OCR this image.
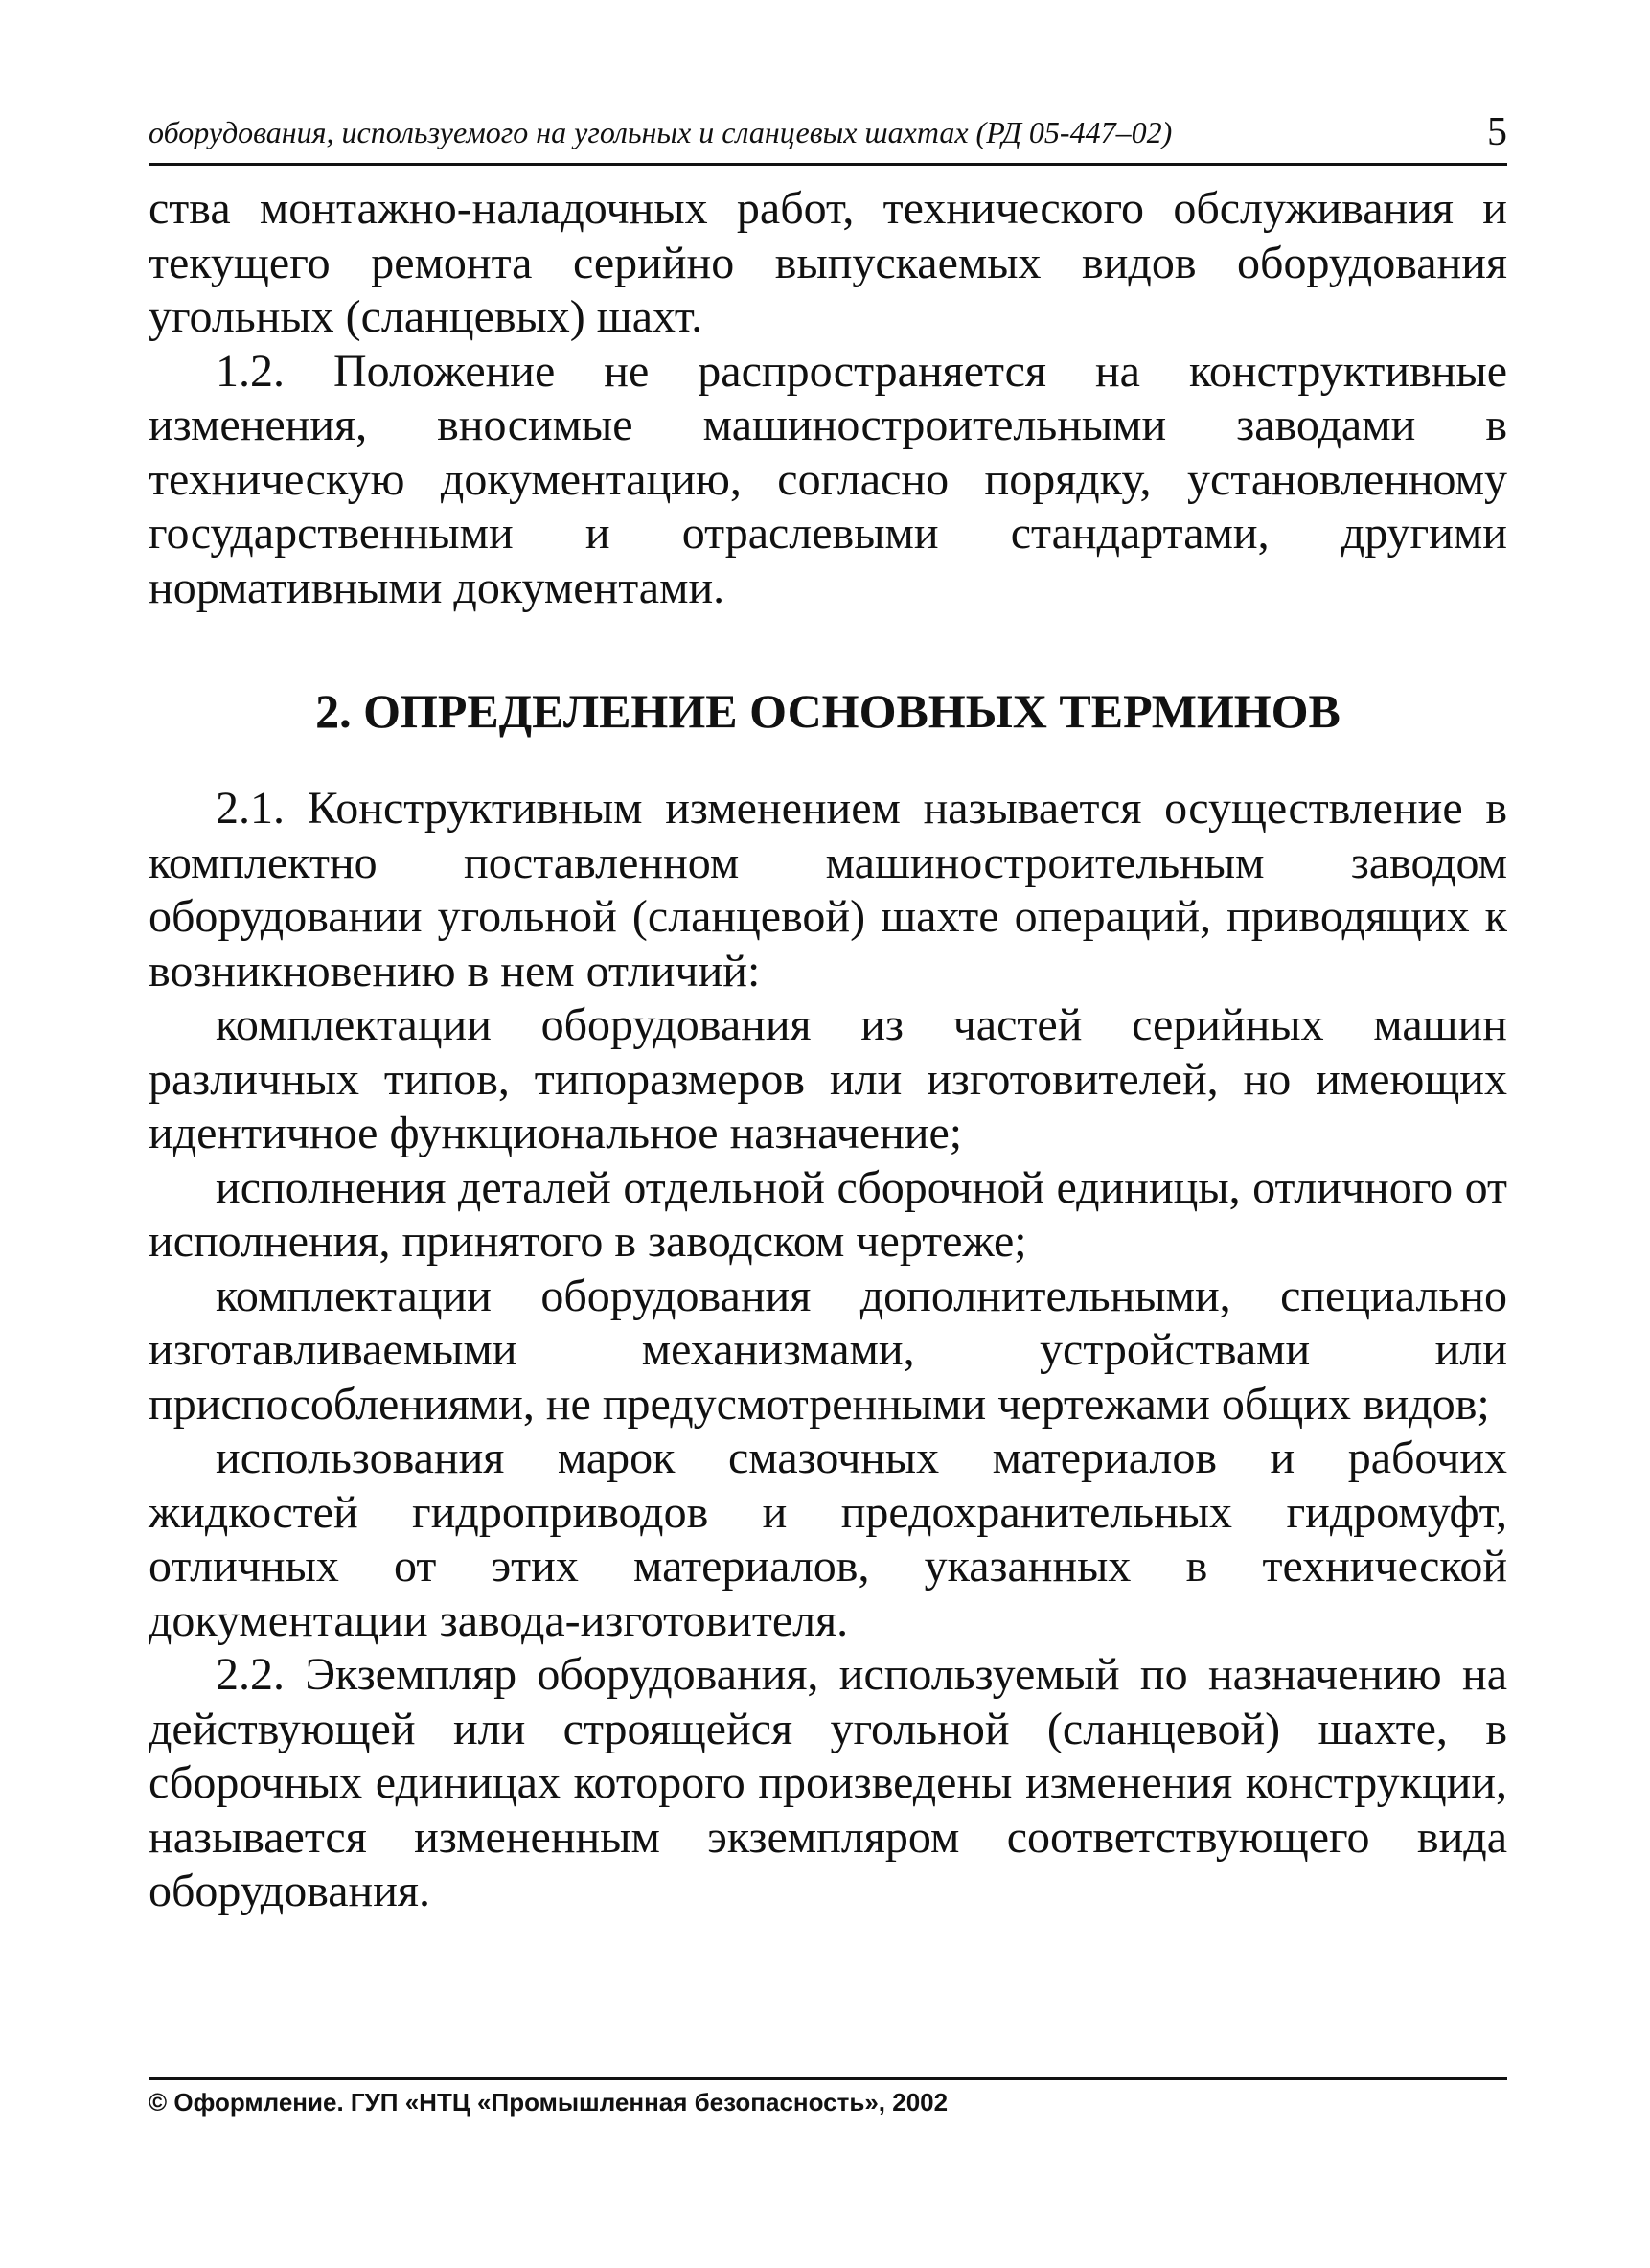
оборудования, используемого на угольных и сланцевых шахтах (РД 05-447–02)	5

ства монтажно-наладочных работ, технического обслуживания и текущего ремонта серийно выпускаемых видов оборудования угольных (сланцевых) шахт.

1.2. Положение не распространяется на конструктивные изменения, вносимые машиностроительными заводами в техническую документацию, согласно порядку, установленному государственными и отраслевыми стандартами, другими нормативными документами.

2. ОПРЕДЕЛЕНИЕ ОСНОВНЫХ ТЕРМИНОВ

2.1. Конструктивным изменением называется осуществление в комплектно поставленном машиностроительным заводом оборудовании угольной (сланцевой) шахте операций, приводящих к возникновению в нем отличий:

комплектации оборудования из частей серийных машин различных типов, типоразмеров или изготовителей, но имеющих идентичное функциональное назначение;

исполнения деталей отдельной сборочной единицы, отличного от исполнения, принятого в заводском чертеже;

комплектации оборудования дополнительными, специально изготавливаемыми механизмами, устройствами или приспособлениями, не предусмотренными чертежами общих видов;

использования марок смазочных материалов и рабочих жидкостей гидроприводов и предохранительных гидромуфт, отличных от этих материалов, указанных в технической документации завода-изготовителя.

2.2. Экземпляр оборудования, используемый по назначению на действующей или строящейся угольной (сланцевой) шахте, в сборочных единицах которого произведены изменения конструкции, называется измененным экземпляром соответствующего вида оборудования.

© Оформление. ГУП «НТЦ «Промышленная безопасность», 2002
